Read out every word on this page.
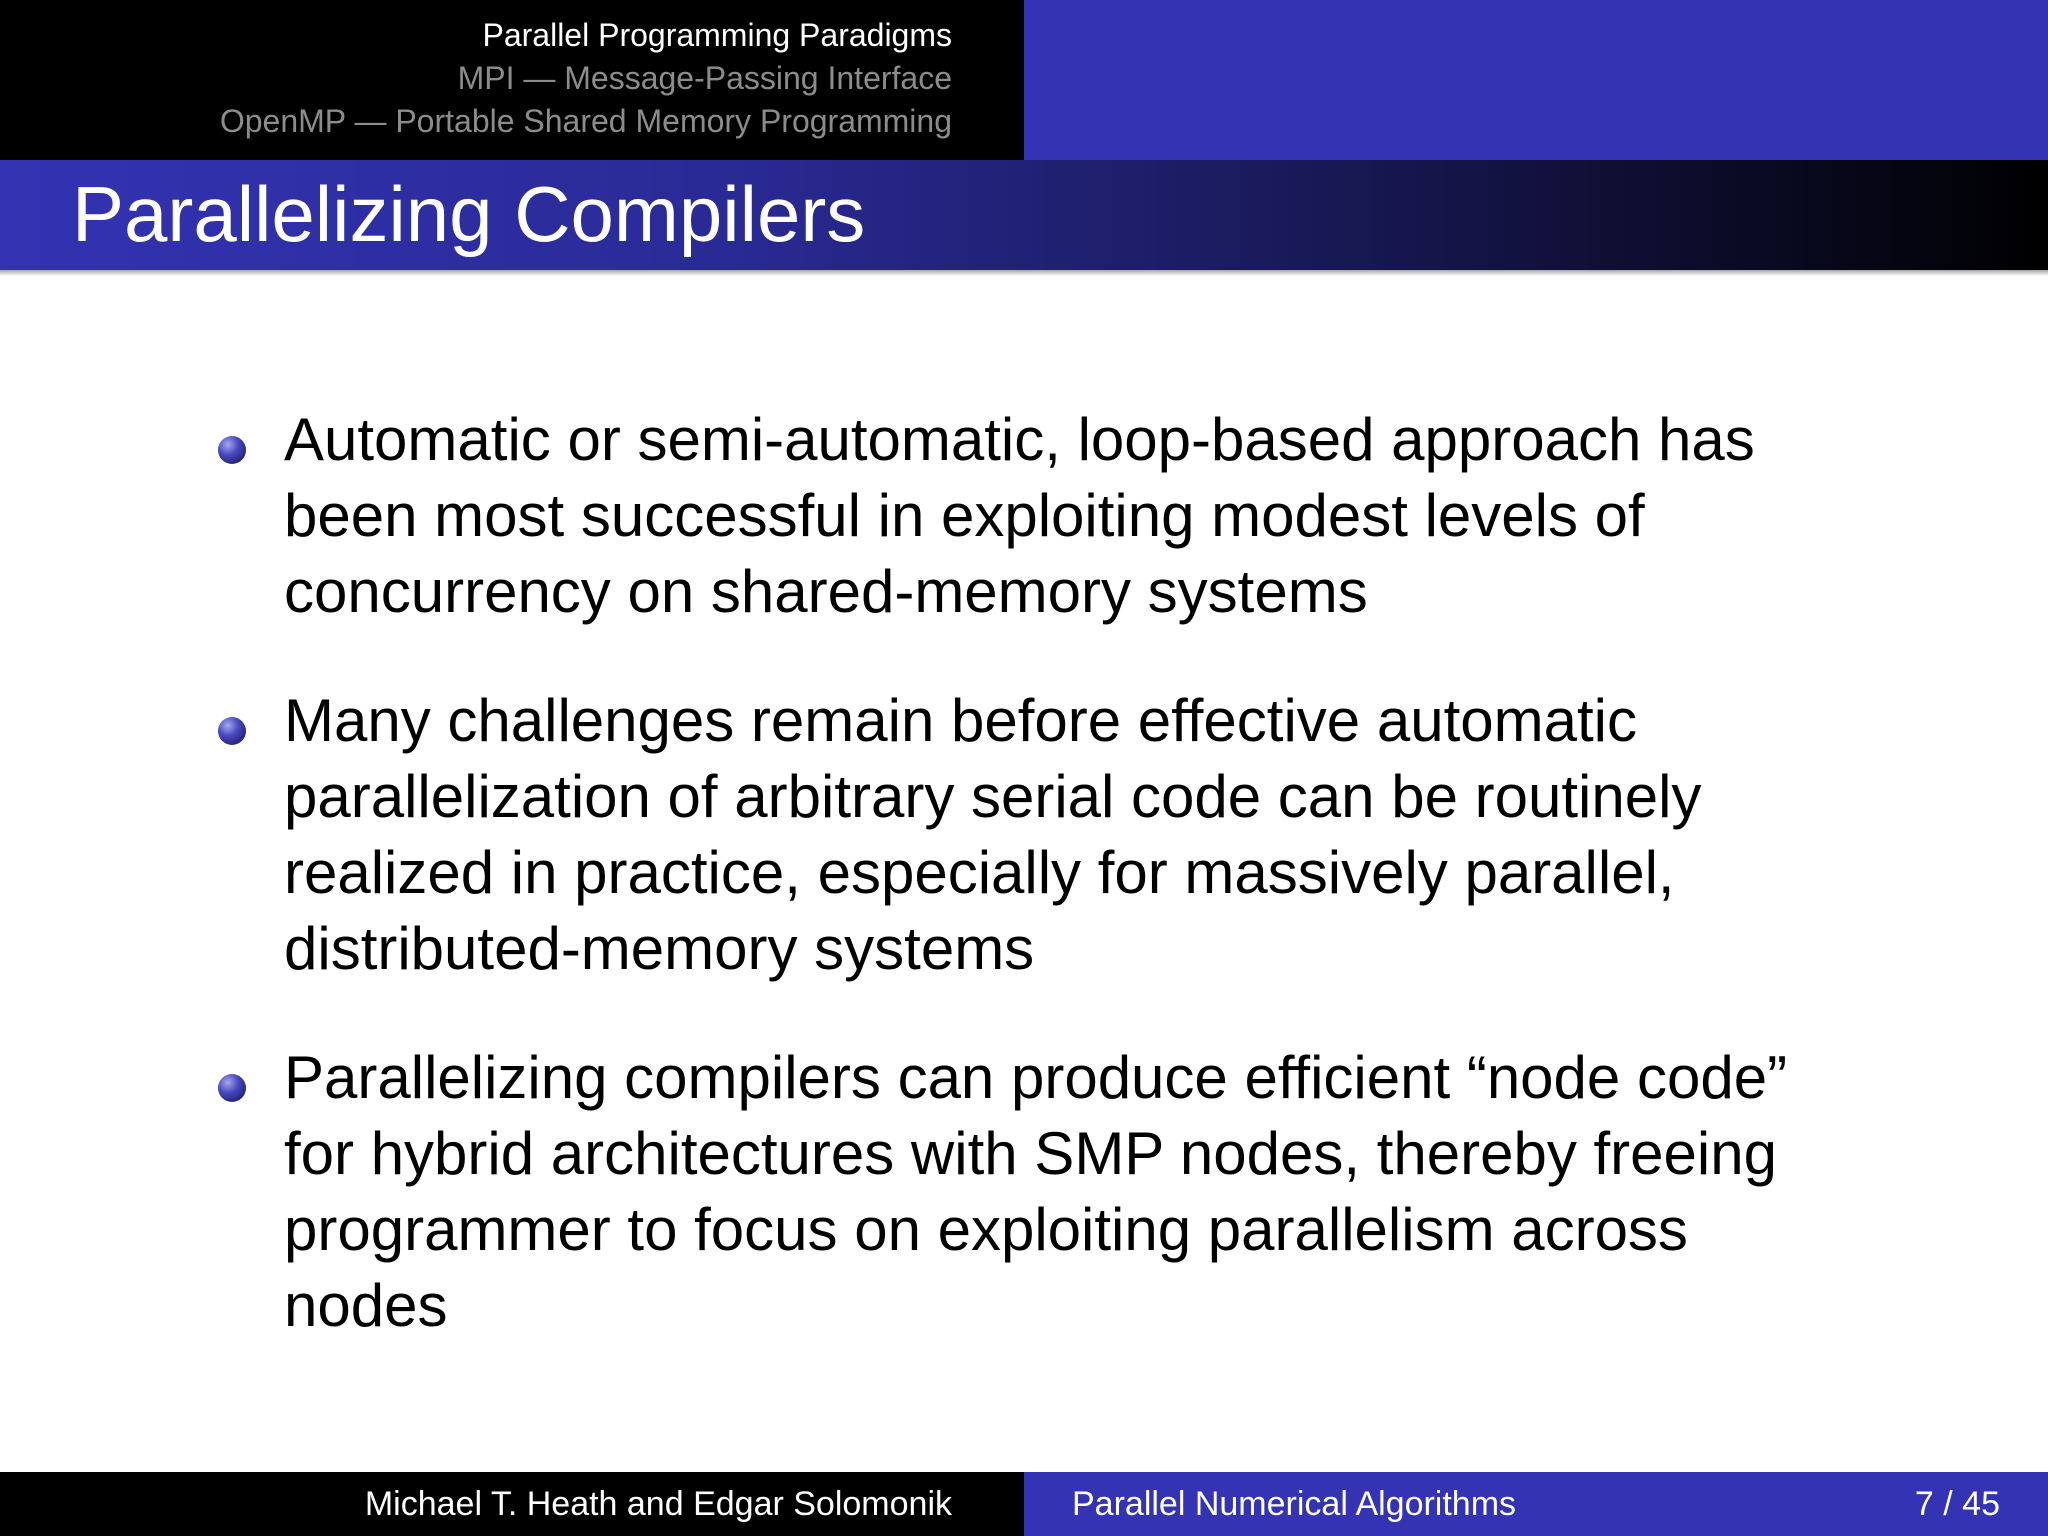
Parallel Programming Paradigms
MPI — Message-Passing Interface
OpenMP — Portable Shared Memory Programming
Parallelizing Compilers
Automatic or semi-automatic, loop-based approach has been most successful in exploiting modest levels of concurrency on shared-memory systems
Many challenges remain before effective automatic parallelization of arbitrary serial code can be routinely realized in practice, especially for massively parallel, distributed-memory systems
Parallelizing compilers can produce efficient “node code” for hybrid architectures with SMP nodes, thereby freeing programmer to focus on exploiting parallelism across nodes
Michael T. Heath and Edgar Solomonik	Parallel Numerical Algorithms	7 / 45
